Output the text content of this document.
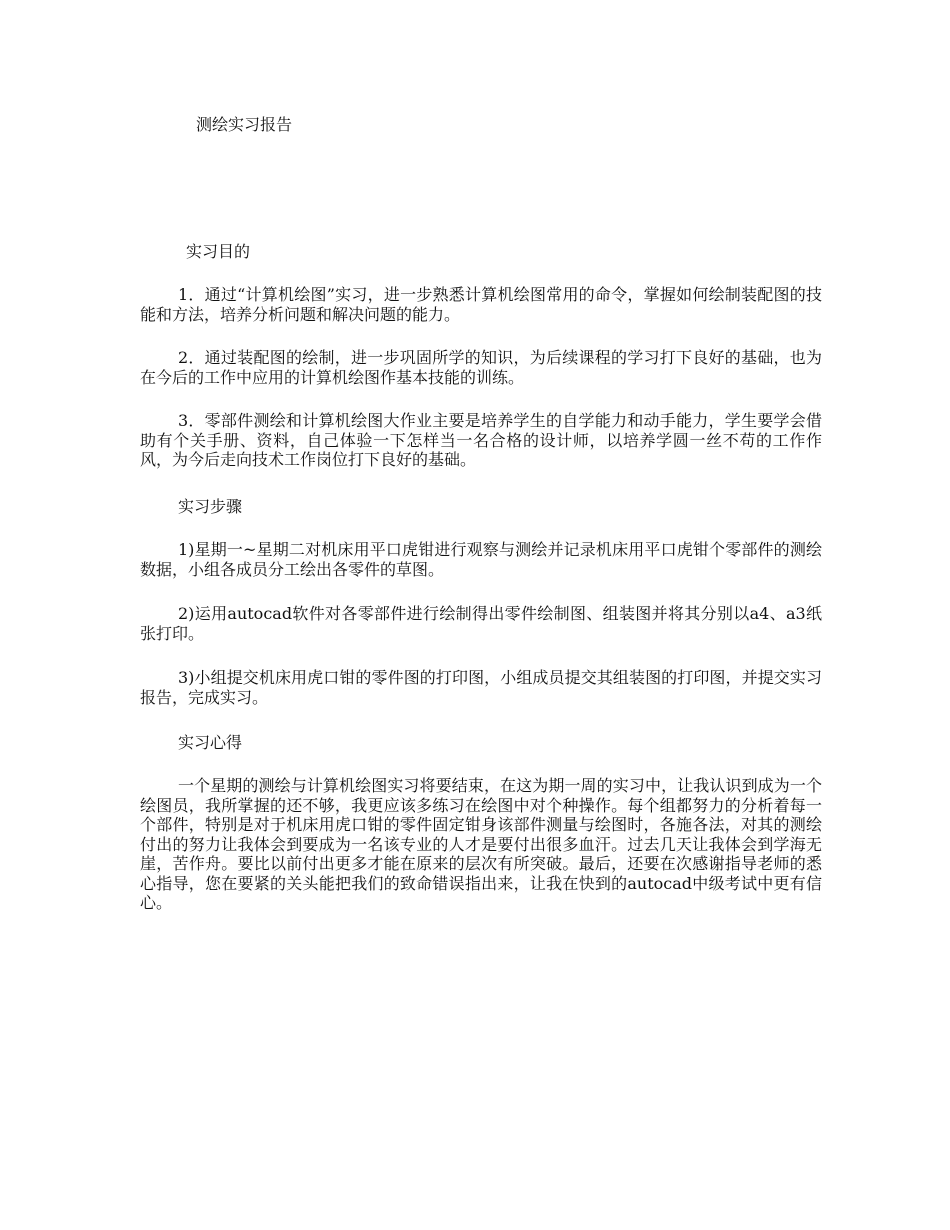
测绘实习报告
实习目的

1．通过“计算机绘图”实习，进一步熟悉计算机绘图常用的命令，掌握如何绘制装配图的技能和方法，培养分析问题和解决问题的能力。

2．通过装配图的绘制，进一步巩固所学的知识，为后续课程的学习打下良好的基础，也为在今后的工作中应用的计算机绘图作基本技能的训练。

3．零部件测绘和计算机绘图大作业主要是培养学生的自学能力和动手能力，学生要学会借助有个关手册、资料，自己体验一下怎样当一名合格的设计师，以培养学圆一丝不苟的工作作风，为今后走向技术工作岗位打下良好的基础。

实习步骤

1)星期一~星期二对机床用平口虎钳进行观察与测绘并记录机床用平口虎钳个零部件的测绘数据，小组各成员分工绘出各零件的草图。

2)运用autocad软件对各零部件进行绘制得出零件绘制图、组装图并将其分别以a4、a3纸张打印。

3)小组提交机床用虎口钳的零件图的打印图，小组成员提交其组装图的打印图，并提交实习报告，完成实习。

实习心得

一个星期的测绘与计算机绘图实习将要结束，在这为期一周的实习中，让我认识到成为一个绘图员，我所掌握的还不够，我更应该多练习在绘图中对个种操作。每个组都努力的分析着每一个部件，特别是对于机床用虎口钳的零件固定钳身该部件测量与绘图时，各施各法，对其的测绘付出的努力让我体会到要成为一名该专业的人才是要付出很多血汗。过去几天让我体会到学海无崖，苦作舟。要比以前付出更多才能在原来的层次有所突破。最后，还要在次感谢指导老师的悉心指导，您在要紧的关头能把我们的致命错误指出来，让我在快到的autocad中级考试中更有信心。
